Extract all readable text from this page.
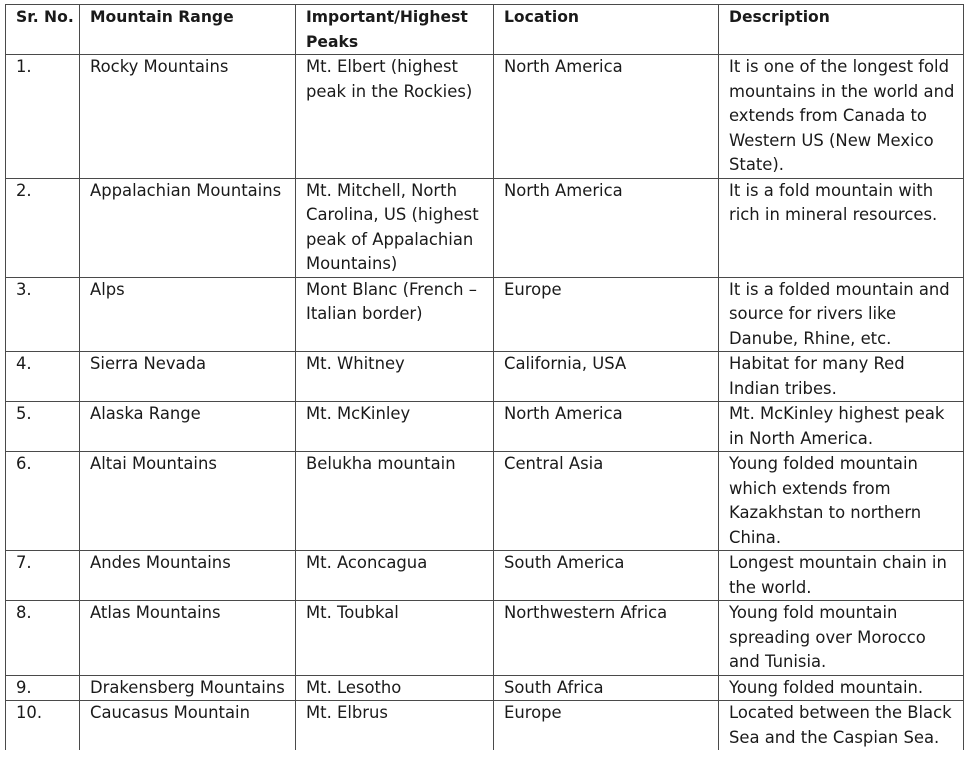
Sr. No.	Mountain Range	Important/Highest Peaks	Location	Description
1.	Rocky Mountains	Mt. Elbert (highest peak in the Rockies)	North America	It is one of the longest fold mountains in the world and extends from Canada to Western US (New Mexico State).
2.	Appalachian Mountains	Mt. Mitchell, North Carolina, US (highest peak of Appalachian Mountains)	North America	It is a fold mountain with rich in mineral resources.
3.	Alps	Mont Blanc (French – Italian border)	Europe	It is a folded mountain and source for rivers like Danube, Rhine, etc.
4.	Sierra Nevada	Mt. Whitney	California, USA	Habitat for many Red Indian tribes.
5.	Alaska Range	Mt. McKinley	North America	Mt. McKinley highest peak in North America.
6.	Altai Mountains	Belukha mountain	Central Asia	Young folded mountain which extends from Kazakhstan to northern China.
7.	Andes Mountains	Mt. Aconcagua	South America	Longest mountain chain in the world.
8.	Atlas Mountains	Mt. Toubkal	Northwestern Africa	Young fold mountain spreading over Morocco and Tunisia.
9.	Drakensberg Mountains	Mt. Lesotho	South Africa	Young folded mountain.
10.	Caucasus Mountain	Mt. Elbrus	Europe	Located between the Black Sea and the Caspian Sea.
